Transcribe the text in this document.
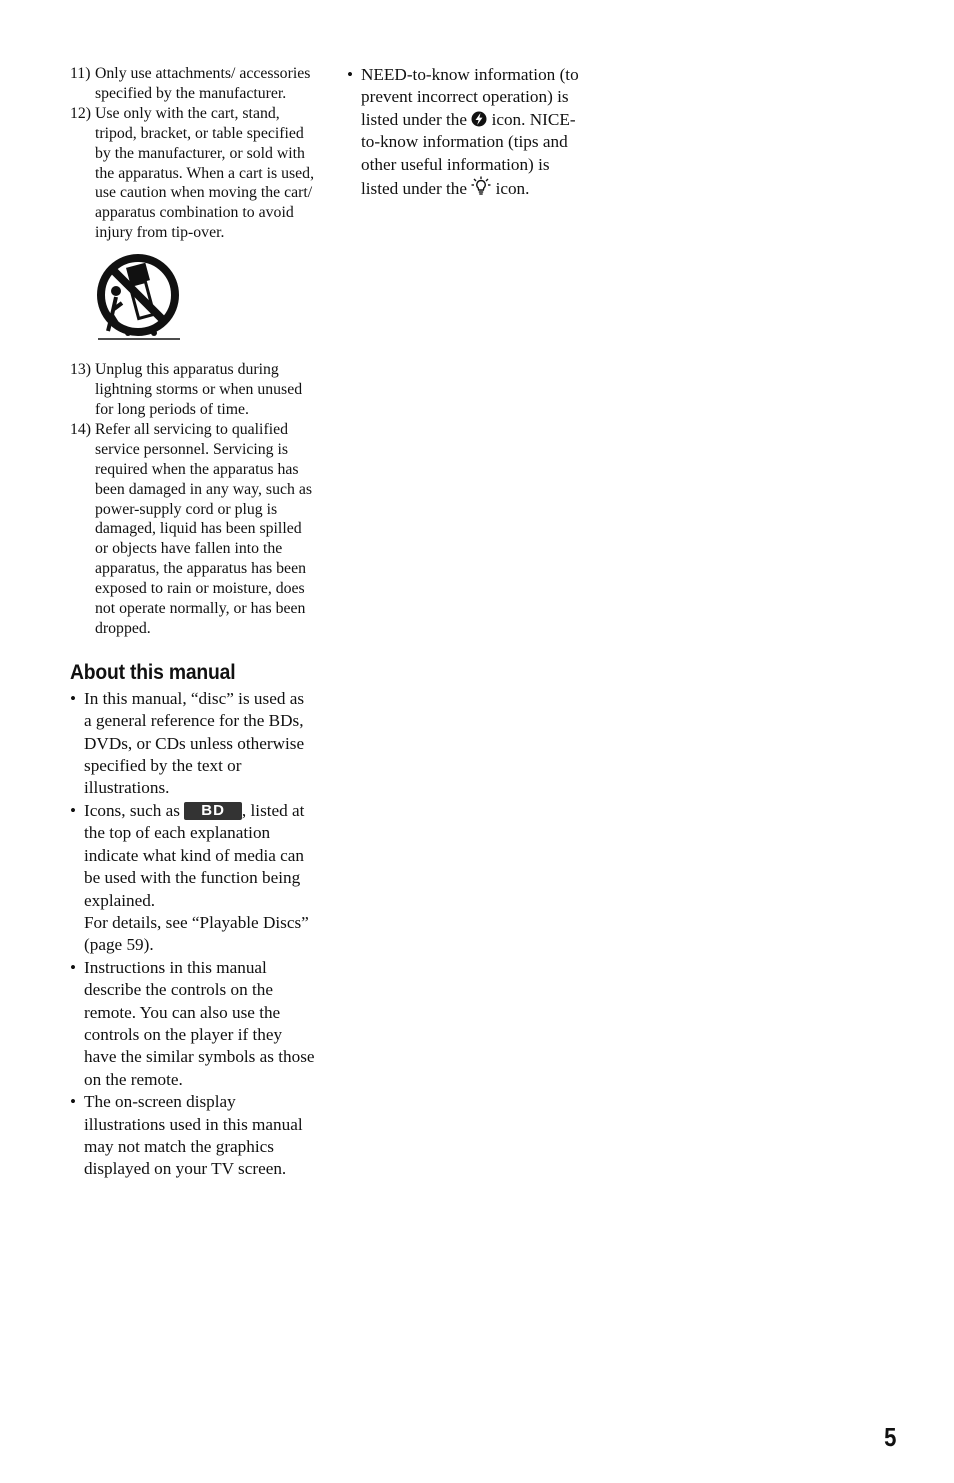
11) Only use attachments/ accessories specified by the manufacturer.
12) Use only with the cart, stand, tripod, bracket, or table specified by the manufacturer, or sold with the apparatus. When a cart is used, use caution when moving the cart/ apparatus combination to avoid injury from tip-over.
13) Unplug this apparatus during lightning storms or when unused for long periods of time.
14) Refer all servicing to qualified service personnel. Servicing is required when the apparatus has been damaged in any way, such as power-supply cord or plug is damaged, liquid has been spilled or objects have fallen into the apparatus, the apparatus has been exposed to rain or moisture, does not operate normally, or has been dropped.
About this manual
• In this manual, “disc” is used as a general reference for the BDs, DVDs, or CDs unless otherwise specified by the text or illustrations.
• Icons, such as BD , listed at the top of each explanation indicate what kind of media can be used with the function being explained.
For details, see “Playable Discs” (page 59).
• Instructions in this manual describe the controls on the remote. You can also use the controls on the player if they have the similar symbols as those on the remote.
• The on-screen display illustrations used in this manual may not match the graphics displayed on your TV screen.
• NEED-to-know information (to prevent incorrect operation) is listed under the icon. NICE-to-know information (tips and other useful information) is listed under the icon.
5
